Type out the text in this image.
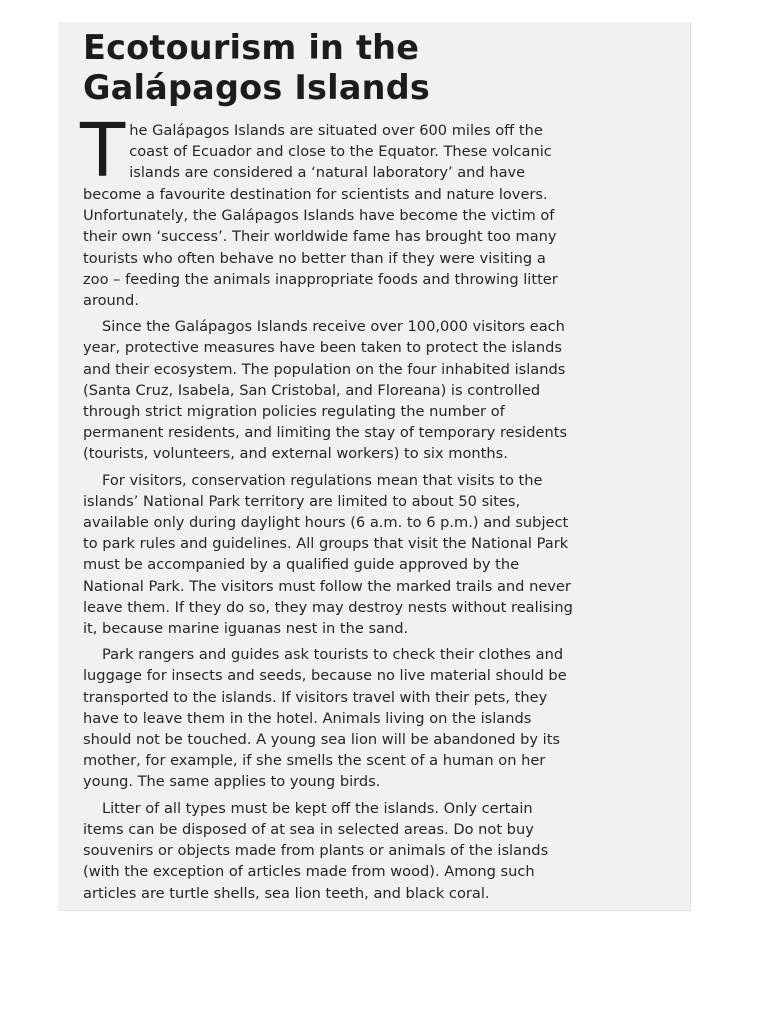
Ecotourism in the
Galápagos Islands

T he Galápagos Islands are situated over 600 miles off the
coast of Ecuador and close to the Equator. These volcanic
islands are considered a ‘natural laboratory’ and have
become a favourite destination for scientists and nature lovers.
Unfortunately, the Galápagos Islands have become the victim of
their own ‘success’. Their worldwide fame has brought too many
tourists who often behave no better than if they were visiting a
zoo – feeding the animals inappropriate foods and throwing litter
around.

Since the Galápagos Islands receive over 100,000 visitors each
year, protective measures have been taken to protect the islands
and their ecosystem. The population on the four inhabited islands
(Santa Cruz, Isabela, San Cristobal, and Floreana) is controlled
through strict migration policies regulating the number of
permanent residents, and limiting the stay of temporary residents
(tourists, volunteers, and external workers) to six months.

For visitors, conservation regulations mean that visits to the
islands’ National Park territory are limited to about 50 sites,
available only during daylight hours (6 a.m. to 6 p.m.) and subject
to park rules and guidelines. All groups that visit the National Park
must be accompanied by a qualified guide approved by the
National Park. The visitors must follow the marked trails and never
leave them. If they do so, they may destroy nests without realising
it, because marine iguanas nest in the sand.

Park rangers and guides ask tourists to check their clothes and
luggage for insects and seeds, because no live material should be
transported to the islands. If visitors travel with their pets, they
have to leave them in the hotel. Animals living on the islands
should not be touched. A young sea lion will be abandoned by its
mother, for example, if she smells the scent of a human on her
young. The same applies to young birds.

Litter of all types must be kept off the islands. Only certain
items can be disposed of at sea in selected areas. Do not buy
souvenirs or objects made from plants or animals of the islands
(with the exception of articles made from wood). Among such
articles are turtle shells, sea lion teeth, and black coral.
